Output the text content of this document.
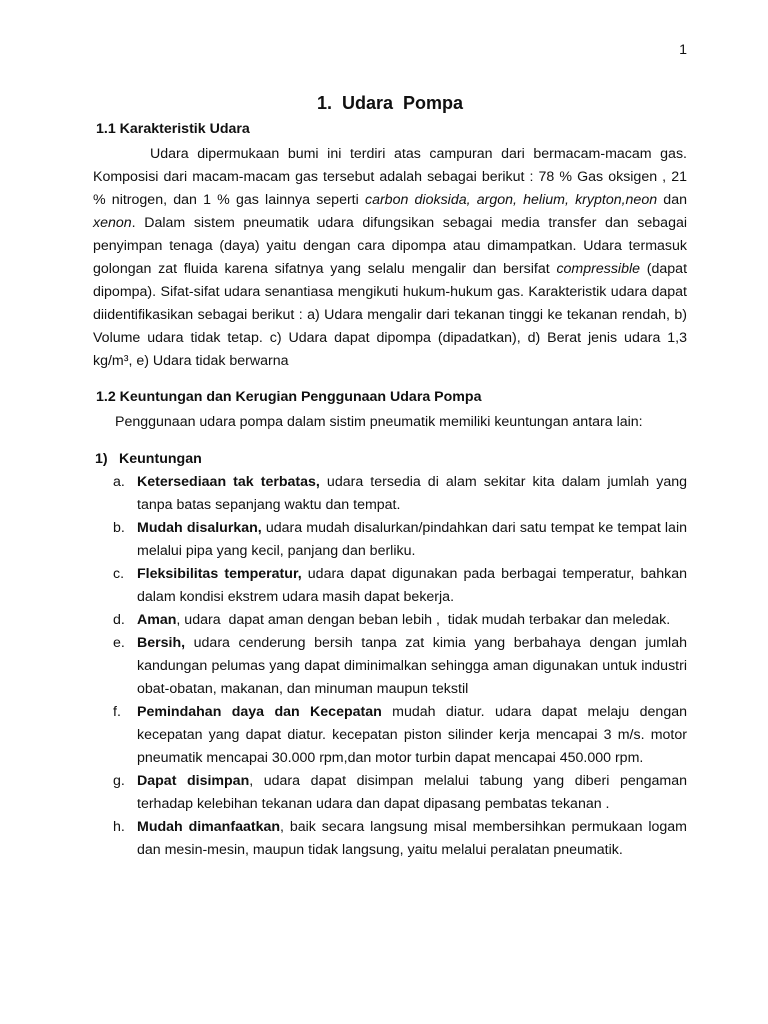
1
1.  Udara  Pompa
1.1 Karakteristik Udara
Udara dipermukaan bumi ini terdiri atas campuran dari bermacam-macam gas.
Komposisi dari macam-macam gas tersebut adalah sebagai berikut : 78 % Gas oksigen , 21
% nitrogen, dan 1 % gas lainnya seperti carbon dioksida, argon, helium, krypton,neon dan
xenon. Dalam sistem pneumatik udara difungsikan sebagai media transfer dan sebagai
penyimpan tenaga (daya) yaitu dengan cara dipompa atau dimampatkan. Udara termasuk
golongan zat fluida karena sifatnya yang selalu mengalir dan bersifat compressible (dapat
dipompa). Sifat-sifat udara senantiasa mengikuti hukum-hukum gas. Karakteristik udara dapat
diidentifikasikan sebagai berikut : a) Udara mengalir dari tekanan tinggi ke tekanan rendah, b)
Volume udara tidak tetap. c) Udara dapat dipompa (dipadatkan), d) Berat jenis udara 1,3
kg/m³, e) Udara tidak berwarna
1.2 Keuntungan dan Kerugian Penggunaan Udara Pompa
Penggunaan udara pompa dalam sistim pneumatik memiliki keuntungan antara lain:
1) Keuntungan
a. Ketersediaan tak terbatas, udara tersedia di alam sekitar kita dalam jumlah yang
tanpa batas sepanjang waktu dan tempat.
b. Mudah disalurkan, udara mudah disalurkan/pindahkan dari satu tempat ke tempat lain
melalui pipa yang kecil, panjang dan berliku.
c. Fleksibilitas temperatur, udara dapat digunakan pada berbagai temperatur, bahkan
dalam kondisi ekstrem udara masih dapat bekerja.
d. Aman, udara  dapat aman dengan beban lebih ,  tidak mudah terbakar dan meledak.
e. Bersih, udara cenderung bersih tanpa zat kimia yang berbahaya dengan jumlah
kandungan pelumas yang dapat diminimalkan sehingga aman digunakan untuk industri
obat-obatan, makanan, dan minuman maupun tekstil
f. Pemindahan daya dan Kecepatan mudah diatur. udara dapat melaju dengan
kecepatan yang dapat diatur. kecepatan piston silinder kerja mencapai 3 m/s. motor
pneumatik mencapai 30.000 rpm,dan motor turbin dapat mencapai 450.000 rpm.
g. Dapat disimpan, udara dapat disimpan melalui tabung yang diberi pengaman
terhadap kelebihan tekanan udara dan dapat dipasang pembatas tekanan .
h. Mudah dimanfaatkan, baik secara langsung misal membersihkan permukaan logam
dan mesin-mesin, maupun tidak langsung, yaitu melalui peralatan pneumatik.
